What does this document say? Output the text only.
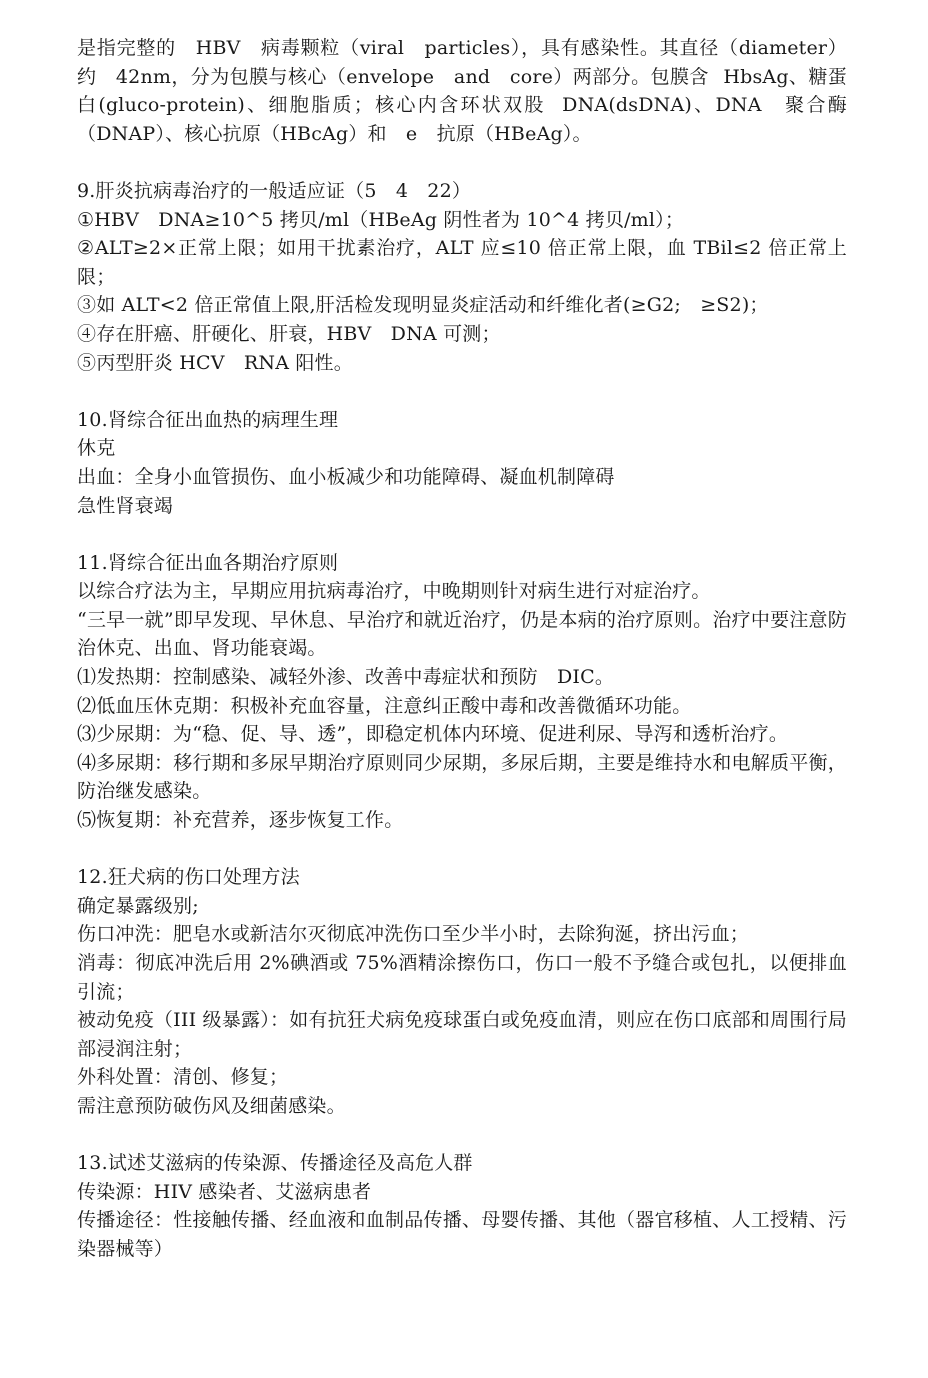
是指完整的　HBV　病毒颗粒（viral　particles），具有感染性。其直径（diameter）约　42nm，分为包膜与核心（envelope　and　core）两部分。包膜含 HbsAg、糖蛋白(gluco-protein)、细胞脂质；核心内含环状双股 DNA(dsDNA)、DNA　聚合酶（DNAP）、核心抗原（HBcAg）和　e　抗原（HBeAg）。

9.肝炎抗病毒治疗的一般适应证（5　4　22）

①HBV　DNA≥10^5 拷贝/ml（HBeAg 阴性者为 10^4 拷贝/ml）；

②ALT≥2×正常上限；如用干扰素治疗，ALT 应≤10 倍正常上限，血 TBil≤2 倍正常上限；

③如 ALT<2 倍正常值上限,肝活检发现明显炎症活动和纤维化者(≥G2;　≥S2)；

④存在肝癌、肝硬化、肝衰，HBV　DNA 可测；

⑤丙型肝炎 HCV　RNA 阳性。

10.肾综合征出血热的病理生理

休克

出血：全身小血管损伤、血小板减少和功能障碍、凝血机制障碍

急性肾衰竭

11.肾综合征出血各期治疗原则

以综合疗法为主，早期应用抗病毒治疗，中晚期则针对病生进行对症治疗。

“三早一就”即早发现、早休息、早治疗和就近治疗，仍是本病的治疗原则。治疗中要注意防治休克、出血、肾功能衰竭。

⑴发热期：控制感染、减轻外渗、改善中毒症状和预防　DIC。

⑵低血压休克期：积极补充血容量，注意纠正酸中毒和改善微循环功能。

⑶少尿期：为“稳、促、导、透”，即稳定机体内环境、促进利尿、导泻和透析治疗。

⑷多尿期：移行期和多尿早期治疗原则同少尿期，多尿后期，主要是维持水和电解质平衡，防治继发感染。

⑸恢复期：补充营养，逐步恢复工作。

12.狂犬病的伤口处理方法

确定暴露级别;

伤口冲洗：肥皂水或新洁尔灭彻底冲洗伤口至少半小时，去除狗涎，挤出污血；

消毒：彻底冲洗后用 2%碘酒或 75%酒精涂擦伤口，伤口一般不予缝合或包扎，以便排血引流；

被动免疫（III 级暴露）：如有抗狂犬病免疫球蛋白或免疫血清，则应在伤口底部和周围行局部浸润注射；

外科处置：清创、修复；

需注意预防破伤风及细菌感染。

13.试述艾滋病的传染源、传播途径及高危人群

传染源：HIV 感染者、艾滋病患者

传播途径：性接触传播、经血液和血制品传播、母婴传播、其他（器官移植、人工授精、污染器械等）
